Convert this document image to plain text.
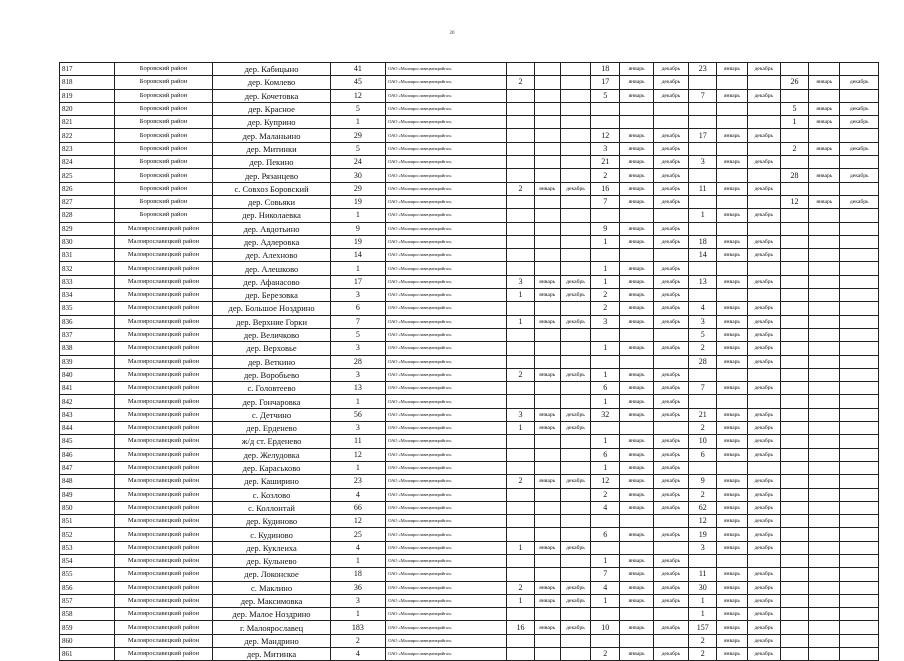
20
817	Боровский район	дер. Кабицыно	41	ОАО «Малоярославецмежрайгаз»				18	январь	декабрь	23	январь	декабрь			
818	Боровский район	дер. Комлево	45	ОАО «Малоярославецмежрайгаз»	2			17	январь	декабрь				26	январь	декабрь
819	Боровский район	дер. Кочетовка	12	ОАО «Малоярославецмежрайгаз»				5	январь	декабрь	7	январь	декабрь			
820	Боровский район	дер. Красное	5	ОАО «Малоярославецмежрайгаз»										5	январь	декабрь
821	Боровский район	дер. Куприно	1	ОАО «Малоярославецмежрайгаз»										1	январь	декабрь
822	Боровский район	дер. Маланьино	29	ОАО «Малоярославецмежрайгаз»				12	январь	декабрь	17	январь	декабрь			
823	Боровский район	дер. Митинки	5	ОАО «Малоярославецмежрайгаз»				3	январь	декабрь				2	январь	декабрь
824	Боровский район	дер. Пекино	24	ОАО «Малоярославецмежрайгаз»				21	январь	декабрь	3	январь	декабрь			
825	Боровский район	дер. Рязанцево	30	ОАО «Малоярославецмежрайгаз»				2	январь	декабрь				28	январь	декабрь
826	Боровский район	с. Совхоз Боровский	29	ОАО «Малоярославецмежрайгаз»	2	январь	декабрь	16	январь	декабрь	11	январь	декабрь			
827	Боровский район	дер. Совьяки	19	ОАО «Малоярославецмежрайгаз»				7	январь	декабрь				12	январь	декабрь
828	Боровский район	дер. Николаевка	1	ОАО «Малоярославецмежрайгаз»							1	январь	декабрь			
829	Малоярославецкий район	дер. Авдотьино	9	ОАО «Малоярославецмежрайгаз»				9	январь	декабрь						
830	Малоярославецкий район	дер. Адлеровка	19	ОАО «Малоярославецмежрайгаз»				1	январь	декабрь	18	январь	декабрь			
831	Малоярославецкий район	дер. Алехново	14	ОАО «Малоярославецмежрайгаз»							14	январь	декабрь			
832	Малоярославецкий район	дер. Алешково	1	ОАО «Малоярославецмежрайгаз»				1	январь	декабрь						
833	Малоярославецкий район	дер. Афанасово	17	ОАО «Малоярославецмежрайгаз»	3	январь	декабрь	1	январь	декабрь	13	январь	декабрь			
834	Малоярославецкий район	дер. Березовка	3	ОАО «Малоярославецмежрайгаз»	1	январь	декабрь	2	январь	декабрь						
835	Малоярославецкий район	дер. Большое Ноздрино	6	ОАО «Малоярославецмежрайгаз»				2	январь	декабрь	4	январь	декабрь			
836	Малоярославецкий район	дер. Верхние Горки	7	ОАО «Малоярославецмежрайгаз»	1	январь	декабрь	3	январь	декабрь	3	январь	декабрь			
837	Малоярославецкий район	дер. Величково	5	ОАО «Малоярославецмежрайгаз»							5	январь	декабрь			
838	Малоярославецкий район	дер. Верховье	3	ОАО «Малоярославецмежрайгаз»				1	январь	декабрь	2	январь	декабрь			
839	Малоярославецкий район	дер. Веткино	28	ОАО «Малоярославецмежрайгаз»							28	январь	декабрь			
840	Малоярославецкий район	дер. Воробьево	3	ОАО «Малоярославецмежрайгаз»	2	январь	декабрь	1	январь	декабрь						
841	Малоярославецкий район	с. Головтеево	13	ОАО «Малоярославецмежрайгаз»				6	январь	декабрь	7	январь	декабрь			
842	Малоярославецкий район	дер. Гончаровка	1	ОАО «Малоярославецмежрайгаз»				1	январь	декабрь						
843	Малоярославецкий район	с. Детчино	56	ОАО «Малоярославецмежрайгаз»	3	январь	декабрь	32	январь	декабрь	21	январь	декабрь			
844	Малоярославецкий район	дер. Ерденево	3	ОАО «Малоярославецмежрайгаз»	1	январь	декабрь				2	январь	декабрь			
845	Малоярославецкий район	ж/д ст. Ерденево	11	ОАО «Малоярославецмежрайгаз»				1	январь	декабрь	10	январь	декабрь			
846	Малоярославецкий район	дер. Желудовка	12	ОАО «Малоярославецмежрайгаз»				6	январь	декабрь	6	январь	декабрь			
847	Малоярославецкий район	дер. Караськово	1	ОАО «Малоярославецмежрайгаз»				1	январь	декабрь						
848	Малоярославецкий район	дер. Каширино	23	ОАО «Малоярославецмежрайгаз»	2	январь	декабрь	12	январь	декабрь	9	январь	декабрь			
849	Малоярославецкий район	с. Козлово	4	ОАО «Малоярославецмежрайгаз»				2	январь	декабрь	2	январь	декабрь			
850	Малоярославецкий район	с. Коллонтай	66	ОАО «Малоярославецмежрайгаз»				4	январь	декабрь	62	январь	декабрь			
851	Малоярославецкий район	дер. Кудиново	12	ОАО «Малоярославецмежрайгаз»							12	январь	декабрь			
852	Малоярославецкий район	с. Кудиново	25	ОАО «Малоярославецмежрайгаз»				6	январь	декабрь	19	январь	декабрь			
853	Малоярославецкий район	дер. Куклеиха	4	ОАО «Малоярославецмежрайгаз»	1	январь	декабрь				3	январь	декабрь			
854	Малоярославецкий район	дер. Кульнево	1	ОАО «Малоярославецмежрайгаз»				1	январь	декабрь						
855	Малоярославецкий район	дер. Локонское	18	ОАО «Малоярославецмежрайгаз»				7	январь	декабрь	11	январь	декабрь			
856	Малоярославецкий район	с. Маклино	36	ОАО «Малоярославецмежрайгаз»	2	январь	декабрь	4	январь	декабрь	30	январь	декабрь			
857	Малоярославецкий район	дер. Максимовка	3	ОАО «Малоярославецмежрайгаз»	1	январь	декабрь	1	январь	декабрь	1	январь	декабрь			
858	Малоярославецкий район	дер. Малое Ноздрино	1	ОАО «Малоярославецмежрайгаз»							1	январь	декабрь			
859	Малоярославецкий район	г. Малоярославец	183	ОАО «Малоярославецмежрайгаз»	16	январь	декабрь	10	январь	декабрь	157	январь	декабрь			
860	Малоярославецкий район	дер. Мандрино	2	ОАО «Малоярославецмежрайгаз»							2	январь	декабрь			
861	Малоярославецкий район	дер. Митинка	4	ОАО «Малоярославецмежрайгаз»				2	январь	декабрь	2	январь	декабрь			
